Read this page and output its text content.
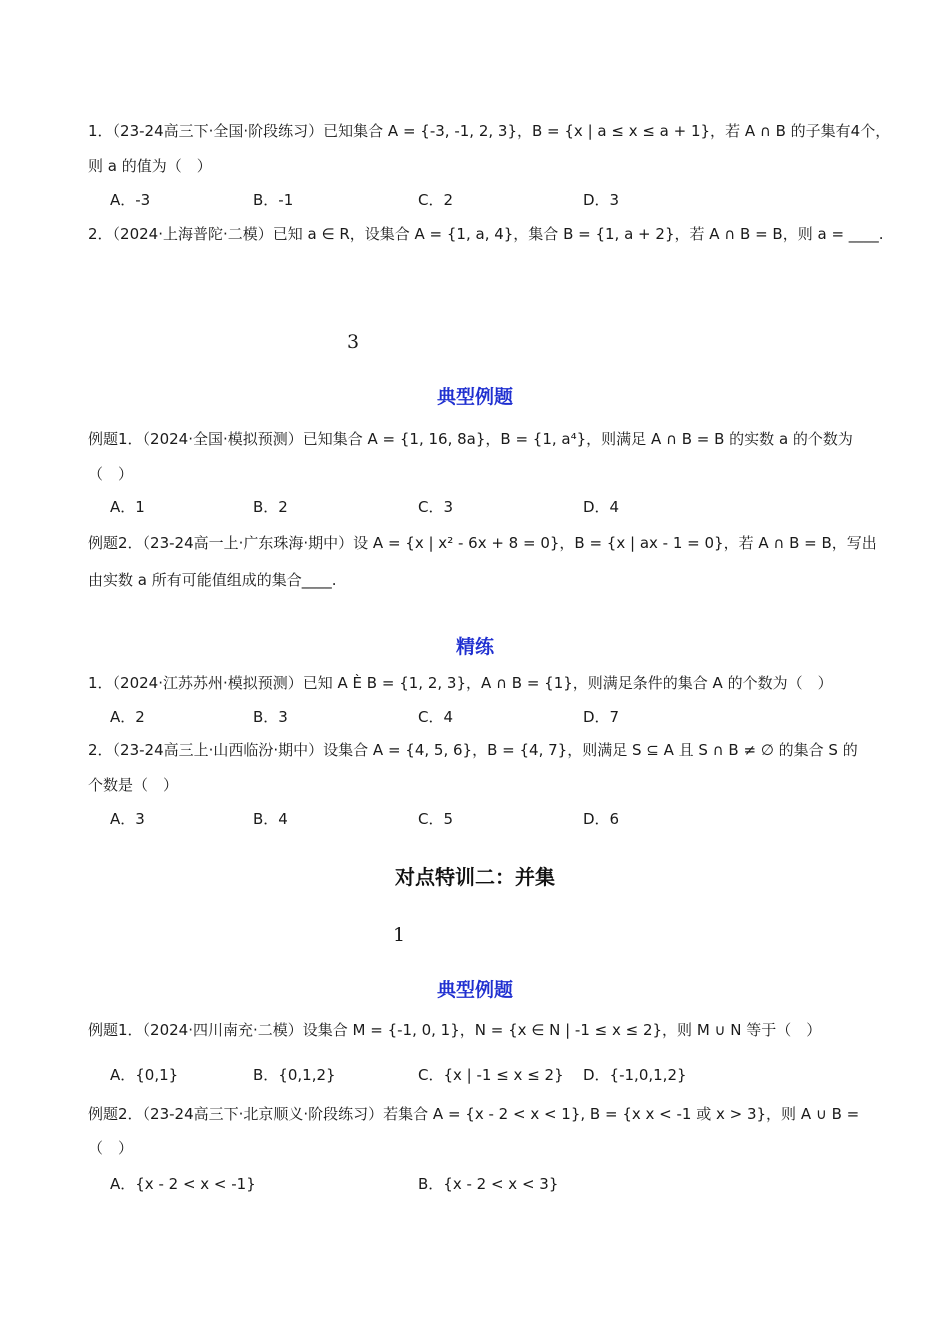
1．（23-24高三下·全国·阶段练习）已知集合 A = {-3, -1, 2, 3}，B = {x | a ≤ x ≤ a + 1}，若 A ∩ B 的子集有4个，
则 a 的值为（　）
A．-3	B．-1	C．2	D．3
2．（2024·上海普陀·二模）已知 a ∈ R，设集合 A = {1, a, 4}，集合 B = {1, a + 2}，若 A ∩ B = B，则 a = ____.
3
典型例题
例题1．（2024·全国·模拟预测）已知集合 A = {1, 16, 8a}，B = {1, a⁴}，则满足 A ∩ B = B 的实数 a 的个数为
（　）
A．1	B．2	C．3	D．4
例题2．（23-24高一上·广东珠海·期中）设 A = {x | x² - 6x + 8 = 0}，B = {x | ax - 1 = 0}，若 A ∩ B = B，写出
由实数 a 所有可能值组成的集合____.
精练
1．（2024·江苏苏州·模拟预测）已知 A È B = {1, 2, 3}，A ∩ B = {1}，则满足条件的集合 A 的个数为（　）
A．2	B．3	C．4	D．7
2．（23-24高三上·山西临汾·期中）设集合 A = {4, 5, 6}，B = {4, 7}，则满足 S ⊆ A 且 S ∩ B ≠ ∅ 的集合 S 的
个数是（　）
A．3	B．4	C．5	D．6
对点特训二：并集
1
典型例题
例题1．（2024·四川南充·二模）设集合 M = {-1, 0, 1}，N = {x ∈ N | -1 ≤ x ≤ 2}，则 M ∪ N 等于（　）
A．{0,1}	B．{0,1,2}	C．{x | -1 ≤ x ≤ 2} D．{-1,0,1,2}
例题2．（23-24高三下·北京顺义·阶段练习）若集合 A = {x - 2 < x < 1}, B = {x x < -1 或 x > 3}，则 A ∪ B =
（　）
A．{x - 2 < x < -1}	B．{x - 2 < x < 3}
